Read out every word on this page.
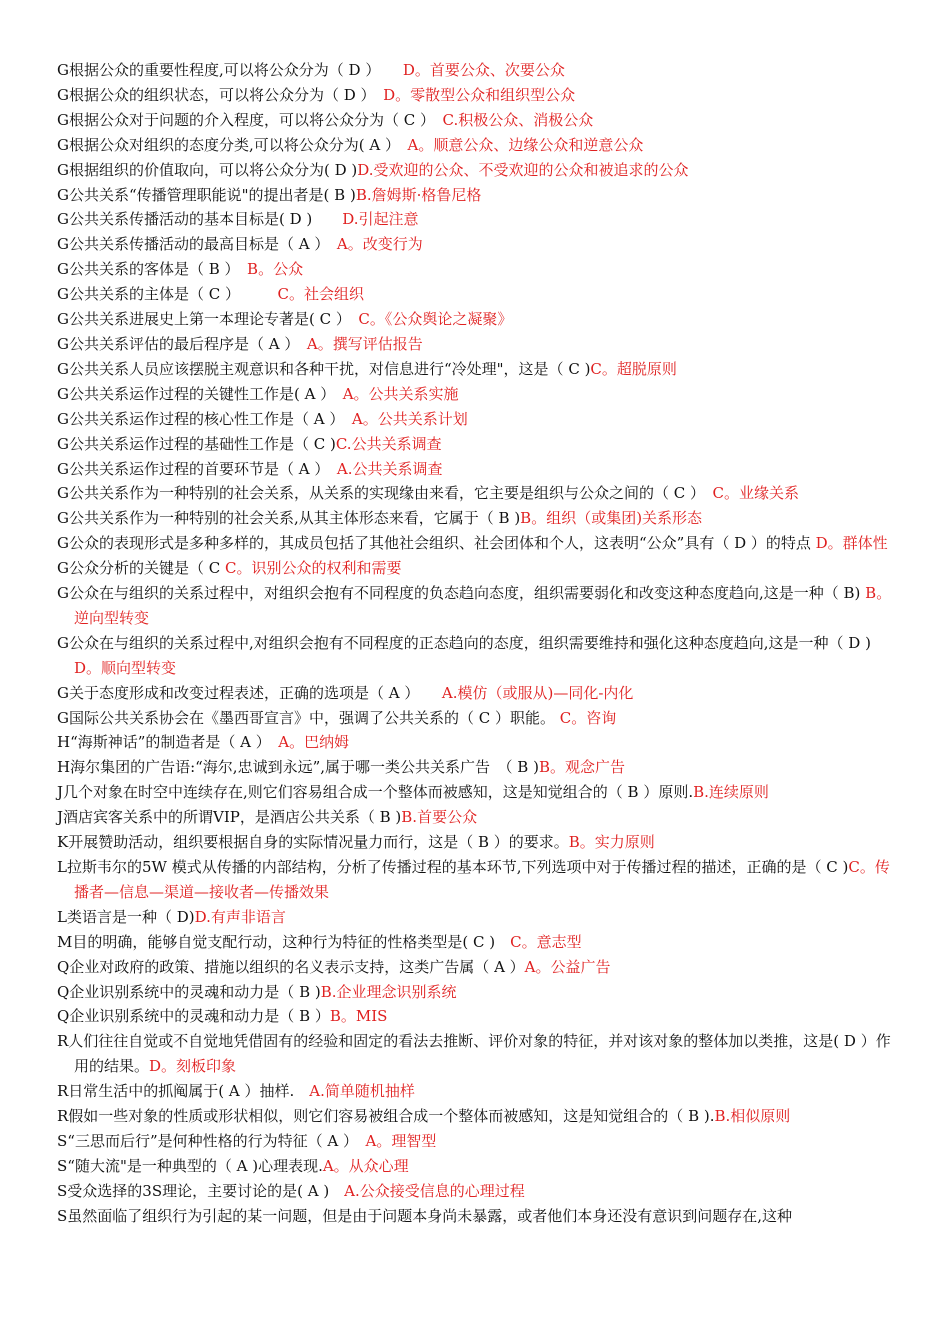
G根据公众的重要性程度,可以将公众分为（ D ）　　D。首要公众、次要公众
G根据公众的组织状态，可以将公众分为（ D ）　D。零散型公众和组织型公众
G根据公众对于问题的介入程度，可以将公众分为（ C ）　C.积极公众、消极公众
G根据公众对组织的态度分类,可以将公众分为( A ）　A。顺意公众、边缘公众和逆意公众
G根据组织的价值取向，可以将公众分为( D )D.受欢迎的公众、不受欢迎的公众和被追求的公众
G公共关系“传播管理职能说"的提出者是( B )B.詹姆斯·格鲁尼格
G公共关系传播活动的基本目标是( D )　　D.引起注意
G公共关系传播活动的最高目标是（ A ）　A。改变行为
G公共关系的客体是（ B ）　B。公众
G公共关系的主体是（ C ）　　　C。社会组织
G公共关系进展史上第一本理论专著是( C ）　C。《公众舆论之凝聚》
G公共关系评估的最后程序是（ A ）　A。撰写评估报告
G公共关系人员应该摆脱主观意识和各种干扰，对信息进行“冷处理"，这是（ C )C。超脱原则
G公共关系运作过程的关键性工作是( A ）　A。公共关系实施
G公共关系运作过程的核心性工作是（ A ）　A。公共关系计划
G公共关系运作过程的基础性工作是（ C )C.公共关系调查
G公共关系运作过程的首要环节是（ A ）　A.公共关系调查
G公共关系作为一种特别的社会关系，从关系的实现缘由来看，它主要是组织与公众之间的（ C ）　C。业缘关系
G公共关系作为一种特别的社会关系,从其主体形态来看，它属于（ B )B。组织（或集团)关系形态
G公众的表现形式是多种多样的，其成员包括了其他社会组织、社会团体和个人，这表明“公众”具有（ D ）的特点 D。群体性
G公众分析的关键是（ C C。识别公众的权利和需要
G公众在与组织的关系过程中，对组织会抱有不同程度的负态趋向态度，组织需要弱化和改变这种态度趋向,这是一种（ B) B。逆向型转变
G公众在与组织的关系过程中,对组织会抱有不同程度的正态趋向的态度，组织需要维持和强化这种态度趋向,这是一种（ D )D。顺向型转变
G关于态度形成和改变过程表述，正确的选项是（ A ）　　A.模仿（或服从)—同化-内化
G国际公共关系协会在《墨西哥宣言》中，强调了公共关系的（ C ）职能。 C。咨询
H“海斯神话”的制造者是（ A ）　A。巴纳姆
H海尔集团的广告语:“海尔,忠诚到永远”,属于哪一类公共关系广告　（ B )B。观念广告
J几个对象在时空中连续存在,则它们容易组合成一个整体而被感知，这是知觉组合的（ B ）原则.B.连续原则
J酒店宾客关系中的所谓VIP，是酒店公共关系（ B )B.首要公众
K开展赞助活动，组织要根据自身的实际情况量力而行，这是（ B ）的要求。B。实力原则
L拉斯韦尔的5W 模式从传播的内部结构，分析了传播过程的基本环节,下列选项中对于传播过程的描述，正确的是（ C )C。传播者—信息—渠道—接收者—传播效果
L类语言是一种（ D)D.有声非语言
M目的明确，能够自觉支配行动，这种行为特征的性格类型是( C )　C。意志型
Q企业对政府的政策、措施以组织的名义表示支持，这类广告属（ A ）A。公益广告
Q企业识别系统中的灵魂和动力是（ B )B.企业理念识别系统
Q企业识别系统中的灵魂和动力是（ B ）B。MIS
R人们往往自觉或不自觉地凭借固有的经验和固定的看法去推断、评价对象的特征，并对该对象的整体加以类推，这是( D ）作用的结果。D。刻板印象
R日常生活中的抓阄属于( A ）抽样.　A.简单随机抽样
R假如一些对象的性质或形状相似，则它们容易被组合成一个整体而被感知，这是知觉组合的（ B ).B.相似原则
S“三思而后行”是何种性格的行为特征（ A ）　A。理智型
S“随大流"是一种典型的（ A )心理表现.A。从众心理
S受众选择的3S理论，主要讨论的是( A )　A.公众接受信息的心理过程
S虽然面临了组织行为引起的某一问题，但是由于问题本身尚未暴露，或者他们本身还没有意识到问题存在,这种
